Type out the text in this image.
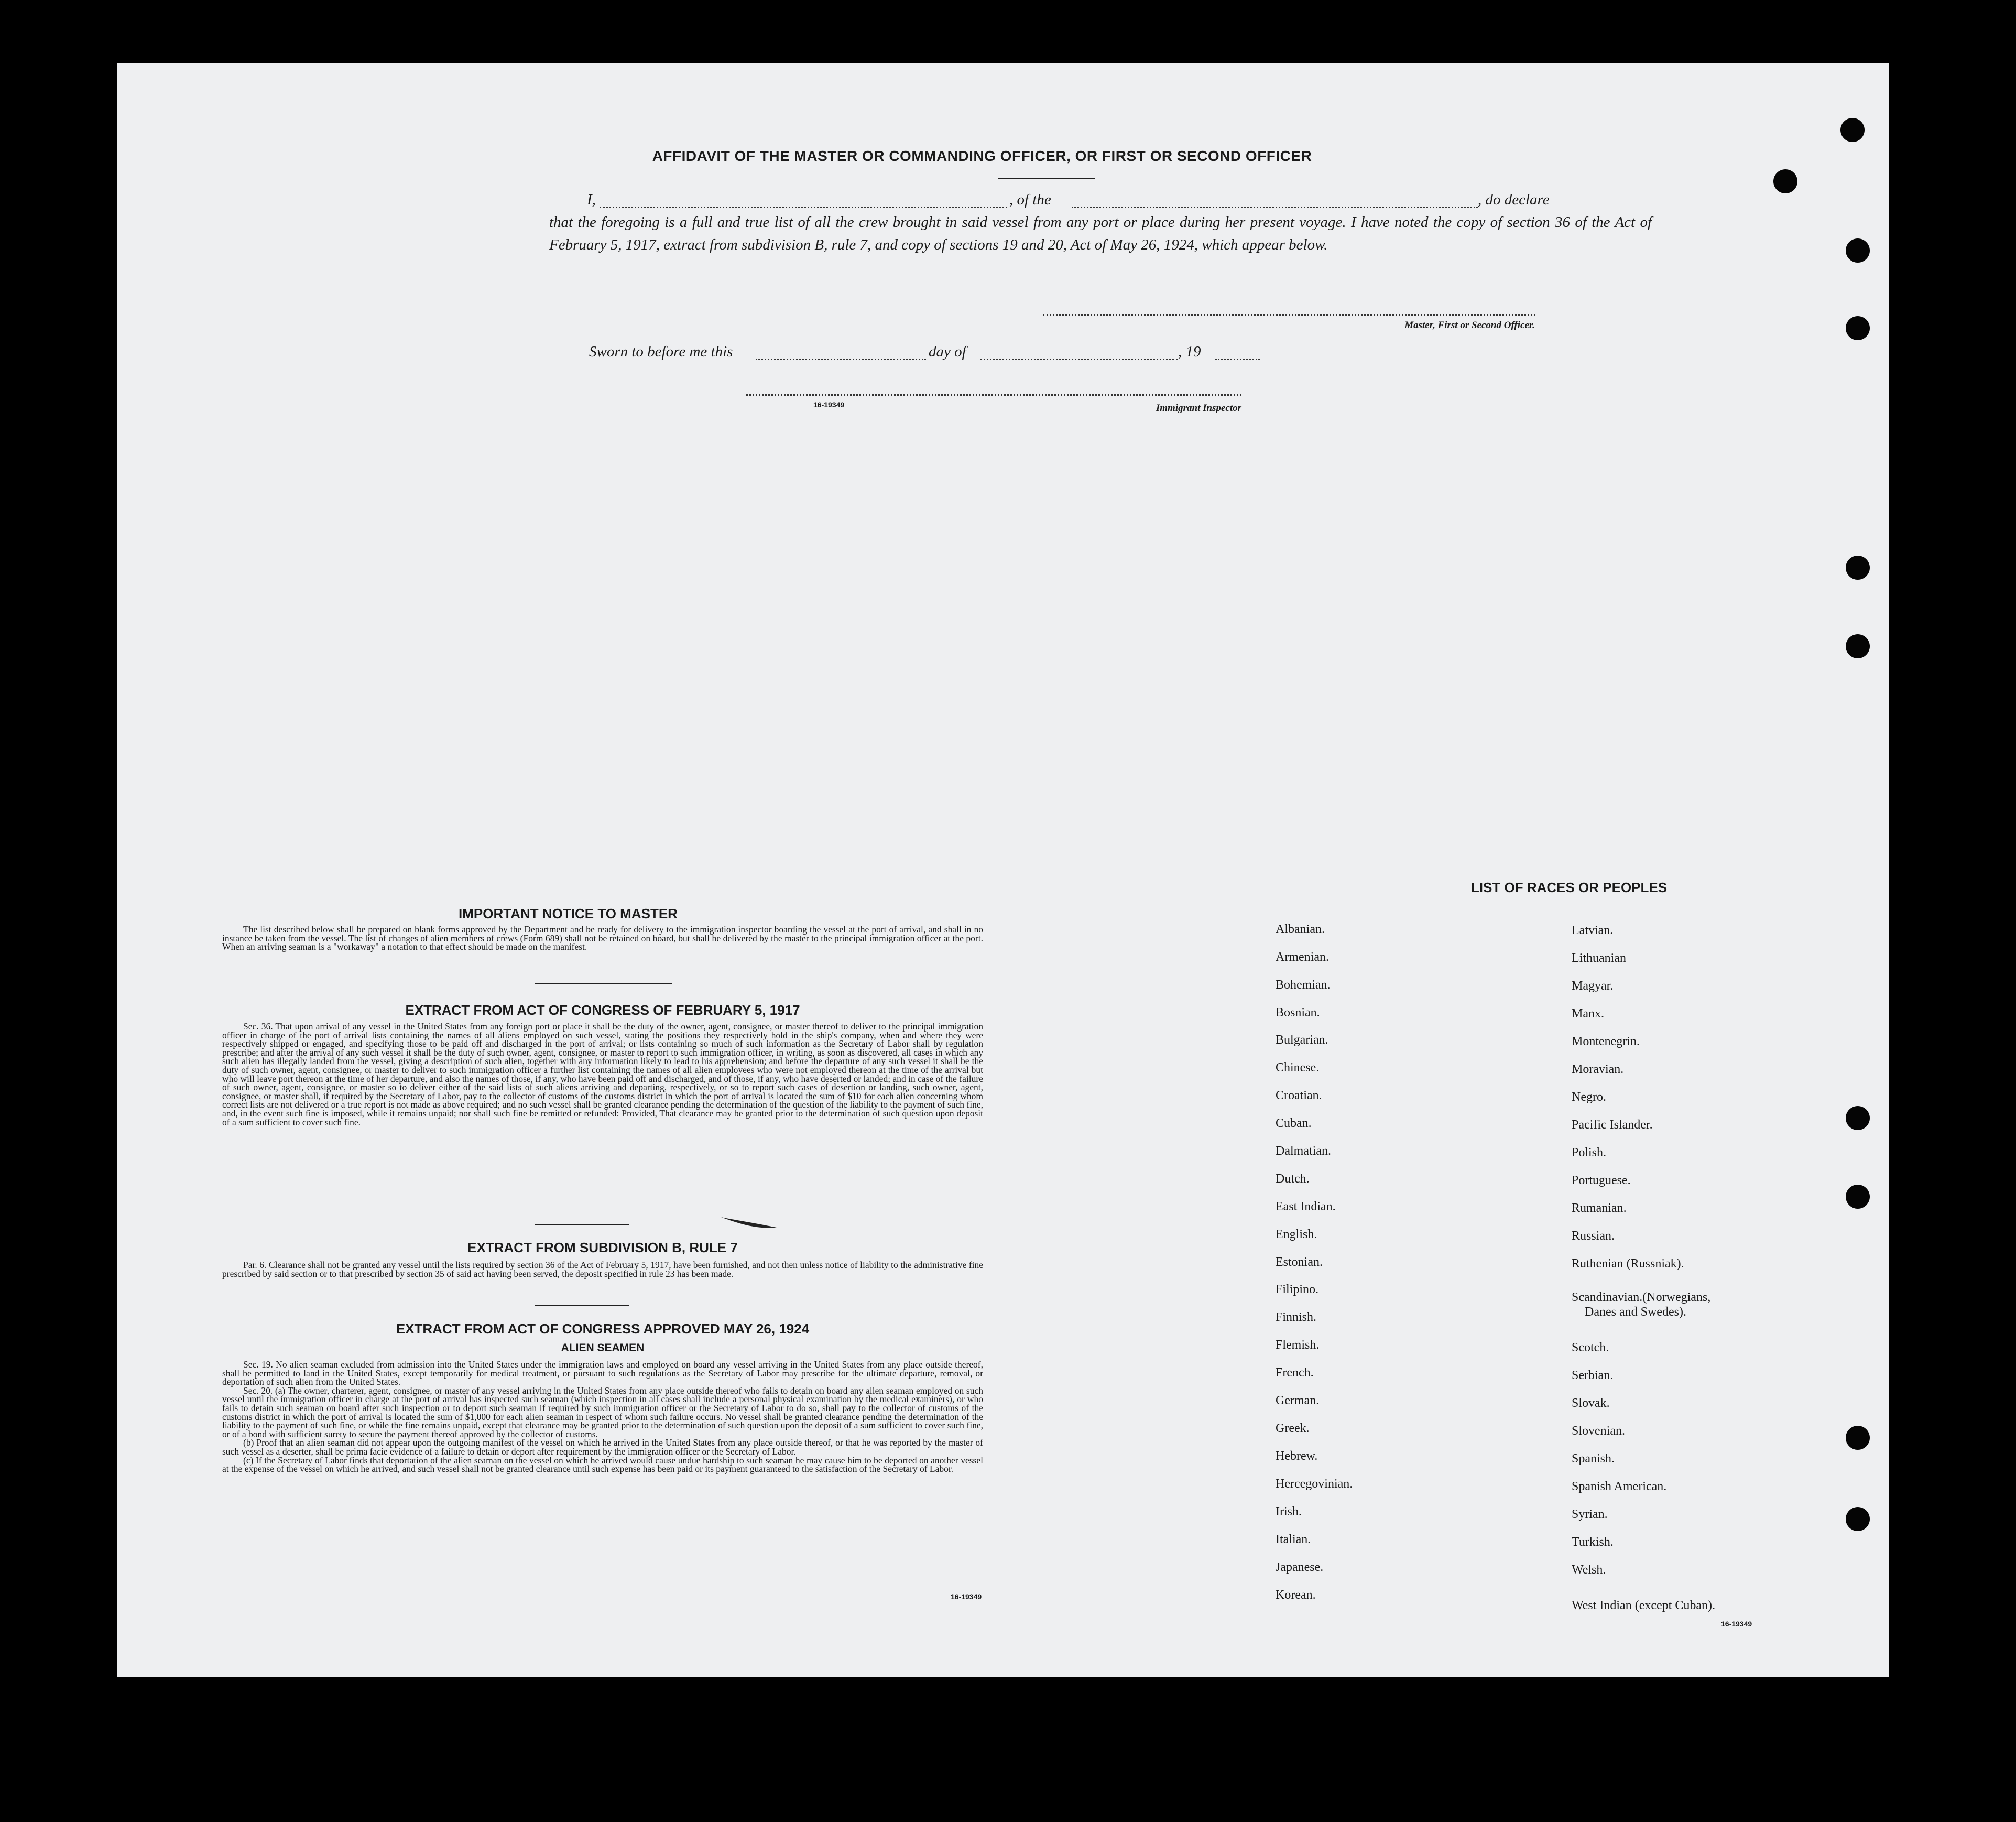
AFFIDAVIT OF THE MASTER OR COMMANDING OFFICER, OR FIRST OR SECOND OFFICER
I,	, of the	, do declare
that the foregoing is a full and true list of all the crew brought in said vessel from any port or place during her present voyage. I have noted the copy of section 36 of the Act of February 5, 1917, extract from subdivision B, rule 7, and copy of sections 19 and 20, Act of May 26, 1924, which appear below.
Master, First or Second Officer.
Sworn to before me this	day of	, 19
16-19349	Immigrant Inspector
IMPORTANT NOTICE TO MASTER

The list described below shall be prepared on blank forms approved by the Department and be ready for delivery to the immigration inspector boarding the vessel at the port of arrival, and shall in no instance be taken from the vessel. The list of changes of alien members of crews (Form 689) shall not be retained on board, but shall be delivered by the master to the principal immigration officer at the port. When an arriving seaman is a "workaway" a notation to that effect should be made on the manifest.

EXTRACT FROM ACT OF CONGRESS OF FEBRUARY 5, 1917

Sec. 36. That upon arrival of any vessel in the United States from any foreign port or place it shall be the duty of the owner, agent, consignee, or master thereof to deliver to the principal immigration officer in charge of the port of arrival lists containing the names of all aliens employed on such vessel, stating the positions they respectively hold in the ship's company, when and where they were respectively shipped or engaged, and specifying those to be paid off and discharged in the port of arrival; or lists containing so much of such information as the Secretary of Labor shall by regulation prescribe; and after the arrival of any such vessel it shall be the duty of such owner, agent, consignee, or master to report to such immigration officer, in writing, as soon as discovered, all cases in which any such alien has illegally landed from the vessel, giving a description of such alien, together with any information likely to lead to his apprehension; and before the departure of any such vessel it shall be the duty of such owner, agent, consignee, or master to deliver to such immigration officer a further list containing the names of all alien employees who were not employed thereon at the time of the arrival but who will leave port thereon at the time of her departure, and also the names of those, if any, who have been paid off and discharged, and of those, if any, who have deserted or landed; and in case of the failure of such owner, agent, consignee, or master so to deliver either of the said lists of such aliens arriving and departing, respectively, or so to report such cases of desertion or landing, such owner, agent, consignee, or master shall, if required by the Secretary of Labor, pay to the collector of customs of the customs district in which the port of arrival is located the sum of $10 for each alien concerning whom correct lists are not delivered or a true report is not made as above required; and no such vessel shall be granted clearance pending the determination of the question of the liability to the payment of such fine, and, in the event such fine is imposed, while it remains unpaid; nor shall such fine be remitted or refunded: Provided, That clearance may be granted prior to the determination of such question upon deposit of a sum sufficient to cover such fine.

EXTRACT FROM SUBDIVISION B, RULE 7

Par. 6. Clearance shall not be granted any vessel until the lists required by section 36 of the Act of February 5, 1917, have been furnished, and not then unless notice of liability to the administrative fine prescribed by said section or to that prescribed by section 35 of said act having been served, the deposit specified in rule 23 has been made.

EXTRACT FROM ACT OF CONGRESS APPROVED MAY 26, 1924
ALIEN SEAMEN

Sec. 19. No alien seaman excluded from admission into the United States under the immigration laws and employed on board any vessel arriving in the United States from any place outside thereof, shall be permitted to land in the United States, except temporarily for medical treatment, or pursuant to such regulations as the Secretary of Labor may prescribe for the ultimate departure, removal, or deportation of such alien from the United States.

Sec. 20. (a) The owner, charterer, agent, consignee, or master of any vessel arriving in the United States from any place outside thereof who fails to detain on board any alien seaman employed on such vessel until the immigration officer in charge at the port of arrival has inspected such seaman (which inspection in all cases shall include a personal physical examination by the medical examiners), or who fails to detain such seaman on board after such inspection or to deport such seaman if required by such immigration officer or the Secretary of Labor to do so, shall pay to the collector of customs of the customs district in which the port of arrival is located the sum of $1,000 for each alien seaman in respect of whom such failure occurs. No vessel shall be granted clearance pending the determination of the liability to the payment of such fine, or while the fine remains unpaid, except that clearance may be granted prior to the determination of such question upon the deposit of a sum sufficient to cover such fine, or of a bond with sufficient surety to secure the payment thereof approved by the collector of customs.

(b) Proof that an alien seaman did not appear upon the outgoing manifest of the vessel on which he arrived in the United States from any place outside thereof, or that he was reported by the master of such vessel as a deserter, shall be prima facie evidence of a failure to detain or deport after requirement by the immigration officer or the Secretary of Labor.

(c) If the Secretary of Labor finds that deportation of the alien seaman on the vessel on which he arrived would cause undue hardship to such seaman he may cause him to be deported on another vessel at the expense of the vessel on which he arrived, and such vessel shall not be granted clearance until such expense has been paid or its payment guaranteed to the satisfaction of the Secretary of Labor.

16-19349
LIST OF RACES OR PEOPLES
16-19349
Albanian.
Armenian.
Bohemian.
Bosnian.
Bulgarian.
Chinese.
Croatian.
Cuban.
Dalmatian.
Dutch.
East Indian.
English.
Estonian.
Filipino.
Finnish.
Flemish.
French.
German.
Greek.
Hebrew.
Hercegovinian.
Irish.
Italian.
Japanese.
Korean.
Latvian.
Lithuanian
Magyar.
Manx.
Montenegrin.
Moravian.
Negro.
Pacific Islander.
Polish.
Portuguese.
Rumanian.
Russian.
Ruthenian (Russniak).
Scandinavian.(Norwegians,
Danes and Swedes).
Scotch.
Serbian.
Slovak.
Slovenian.
Spanish.
Spanish American.
Syrian.
Turkish.
Welsh.
West Indian (except Cuban).
